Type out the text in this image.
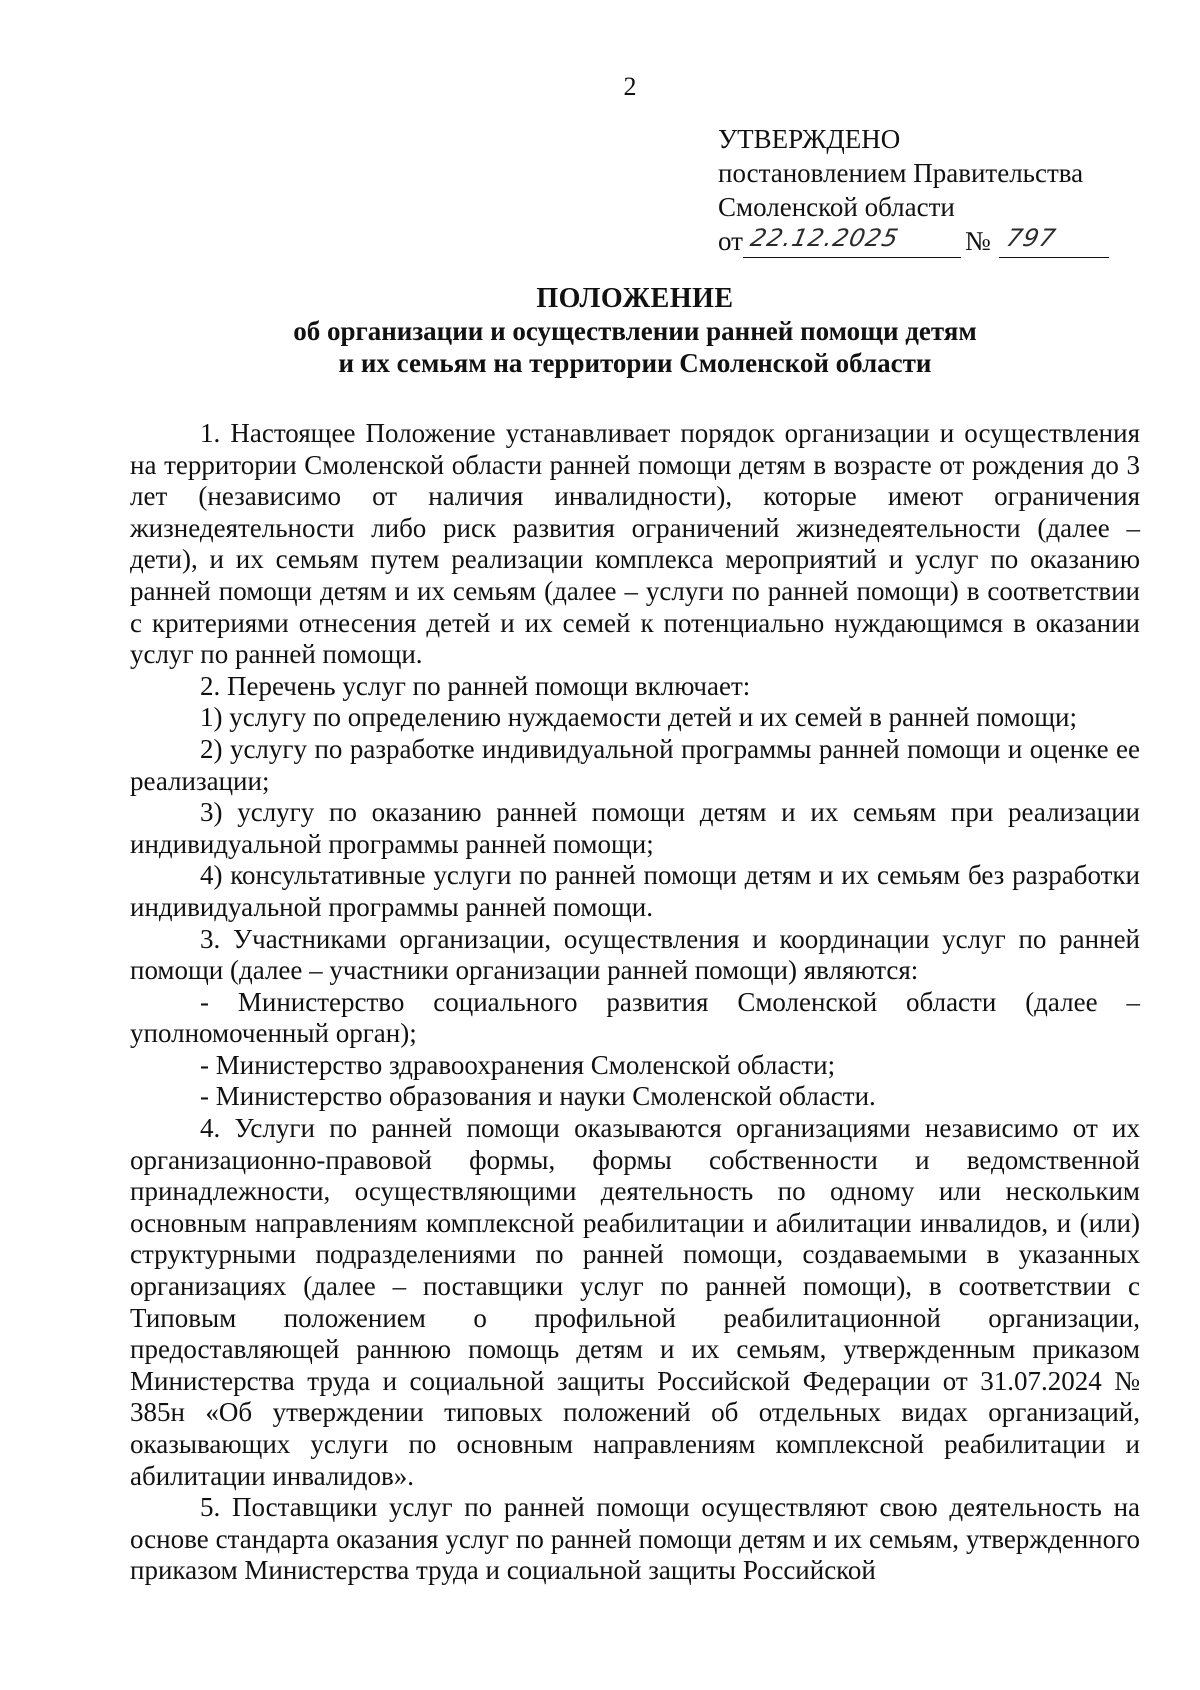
2
УТВЕРЖДЕНО
постановлением Правительства
Смоленской области
от 22.12.2025 № 797
ПОЛОЖЕНИЕ
об организации и осуществлении ранней помощи детям
и их семьям на территории Смоленской области

1. Настоящее Положение устанавливает порядок организации и осуществления на территории Смоленской области ранней помощи детям в возрасте от рождения до 3 лет (независимо от наличия инвалидности), которые имеют ограничения жизнедеятельности либо риск развития ограничений жизнедеятельности (далее – дети), и их семьям путем реализации комплекса мероприятий и услуг по оказанию ранней помощи детям и их семьям (далее – услуги по ранней помощи) в соответствии с критериями отнесения детей и их семей к потенциально нуждающимся в оказании услуг по ранней помощи.

2. Перечень услуг по ранней помощи включает:

1) услугу по определению нуждаемости детей и их семей в ранней помощи;

2) услугу по разработке индивидуальной программы ранней помощи и оценке ее реализации;

3) услугу по оказанию ранней помощи детям и их семьям при реализации индивидуальной программы ранней помощи;

4) консультативные услуги по ранней помощи детям и их семьям без разработки индивидуальной программы ранней помощи.

3. Участниками организации, осуществления и координации услуг по ранней помощи (далее – участники организации ранней помощи) являются:

- Министерство социального развития Смоленской области (далее – уполномоченный орган);

- Министерство здравоохранения Смоленской области;

- Министерство образования и науки Смоленской области.

4. Услуги по ранней помощи оказываются организациями независимо от их организационно-правовой формы, формы собственности и ведомственной принадлежности, осуществляющими деятельность по одному или нескольким основным направлениям комплексной реабилитации и абилитации инвалидов, и (или) структурными подразделениями по ранней помощи, создаваемыми в указанных организациях (далее – поставщики услуг по ранней помощи), в соответствии с Типовым положением о профильной реабилитационной организации, предоставляющей раннюю помощь детям и их семьям, утвержденным приказом Министерства труда и социальной защиты Российской Федерации от 31.07.2024 № 385н «Об утверждении типовых положений об отдельных видах организаций, оказывающих услуги по основным направлениям комплексной реабилитации и абилитации инвалидов».

5. Поставщики услуг по ранней помощи осуществляют свою деятельность на основе стандарта оказания услуг по ранней помощи детям и их семьям, утвержденного приказом Министерства труда и социальной защиты Российской
